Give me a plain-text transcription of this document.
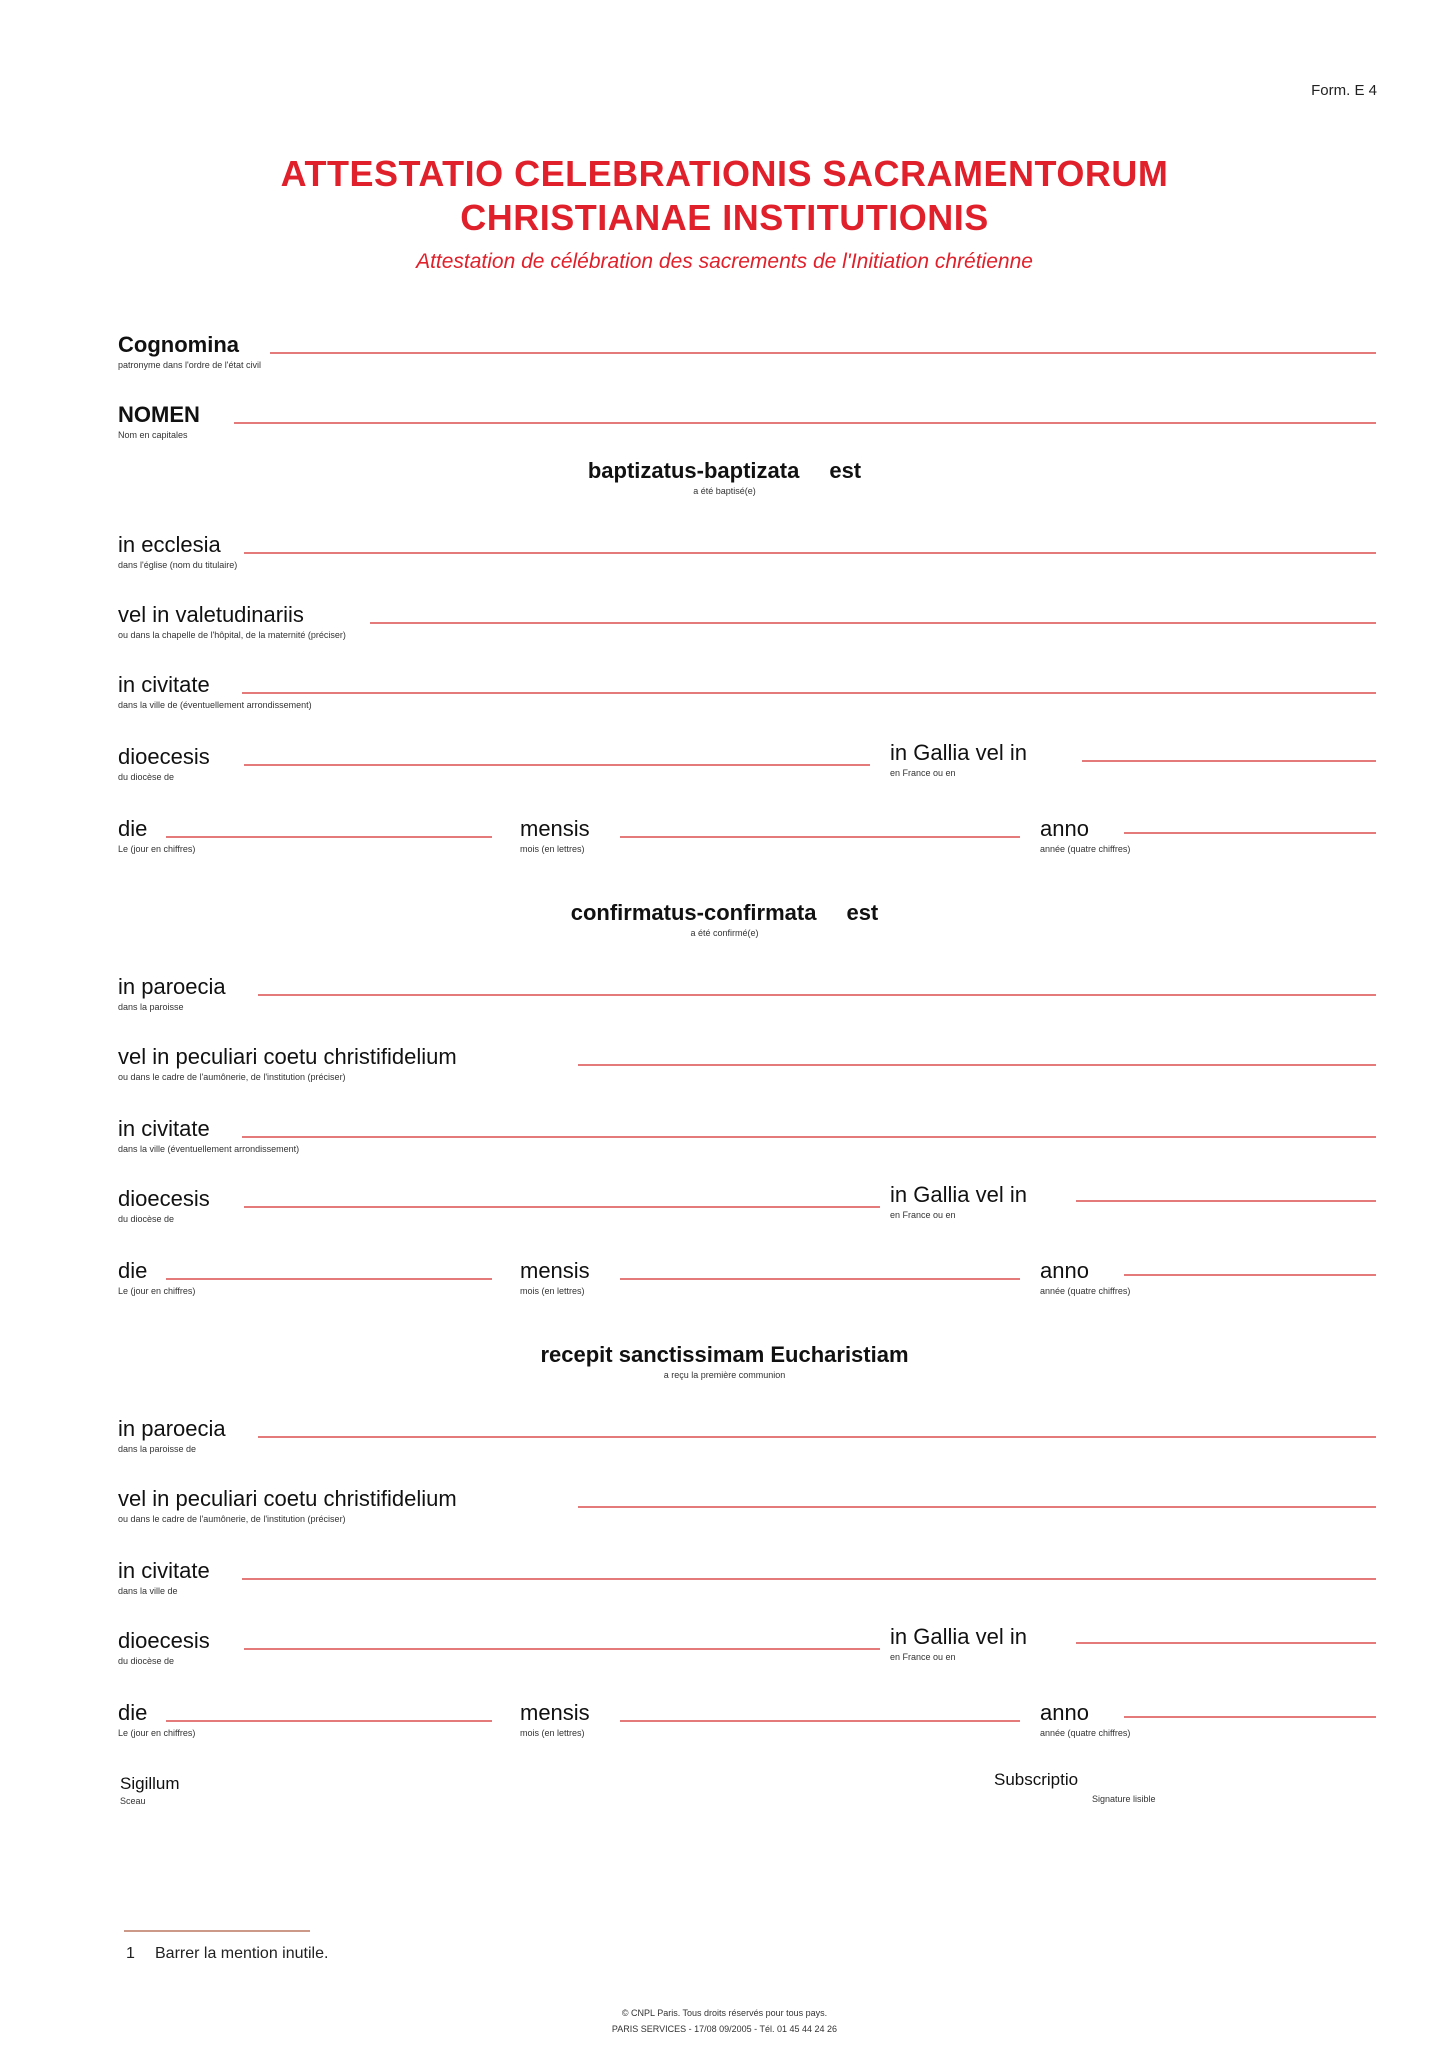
Form. E 4
ATTESTATIO CELEBRATIONIS SACRAMENTORUM
CHRISTIANAE INSTITUTIONIS
Attestation de célébration des sacrements de l'Initiation chrétienne
Cognomina
patronyme dans l'ordre de l'état civil
NOMEN
Nom en capitales
baptizatus-baptizata est
a été baptisé(e)
in ecclesia
dans l'église (nom du titulaire)
vel in valetudinariis
ou dans la chapelle de l'hôpital, de la maternité (préciser)
in civitate
dans la ville de (éventuellement arrondissement)
dioecesis
du diocèse de
in Gallia vel in
en France ou en
die
Le (jour en chiffres)
mensis
mois (en lettres)
anno
année (quatre chiffres)
confirmatus-confirmata est
a été confirmé(e)
in paroecia
dans la paroisse
vel in peculiari coetu christifidelium
ou dans le cadre de l'aumônerie, de l'institution (préciser)
in civitate
dans la ville (éventuellement arrondissement)
dioecesis
du diocèse de
in Gallia vel in
en France ou en
die
Le (jour en chiffres)
mensis
mois (en lettres)
anno
année (quatre chiffres)
recepit sanctissimam Eucharistiam
a reçu la première communion
in paroecia
dans la paroisse de
vel in peculiari coetu christifidelium
ou dans le cadre de l'aumônerie, de l'institution (préciser)
in civitate
dans la ville de
dioecesis
du diocèse de
in Gallia vel in
en France ou en
die
Le (jour en chiffres)
mensis
mois (en lettres)
anno
année (quatre chiffres)
Sigillum
Sceau
Subscriptio
Signature lisible
1 Barrer la mention inutile.
© CNPL Paris. Tous droits réservés pour tous pays.
PARIS SERVICES - 17/08 09/2005 - Tél. 01 45 44 24 26
